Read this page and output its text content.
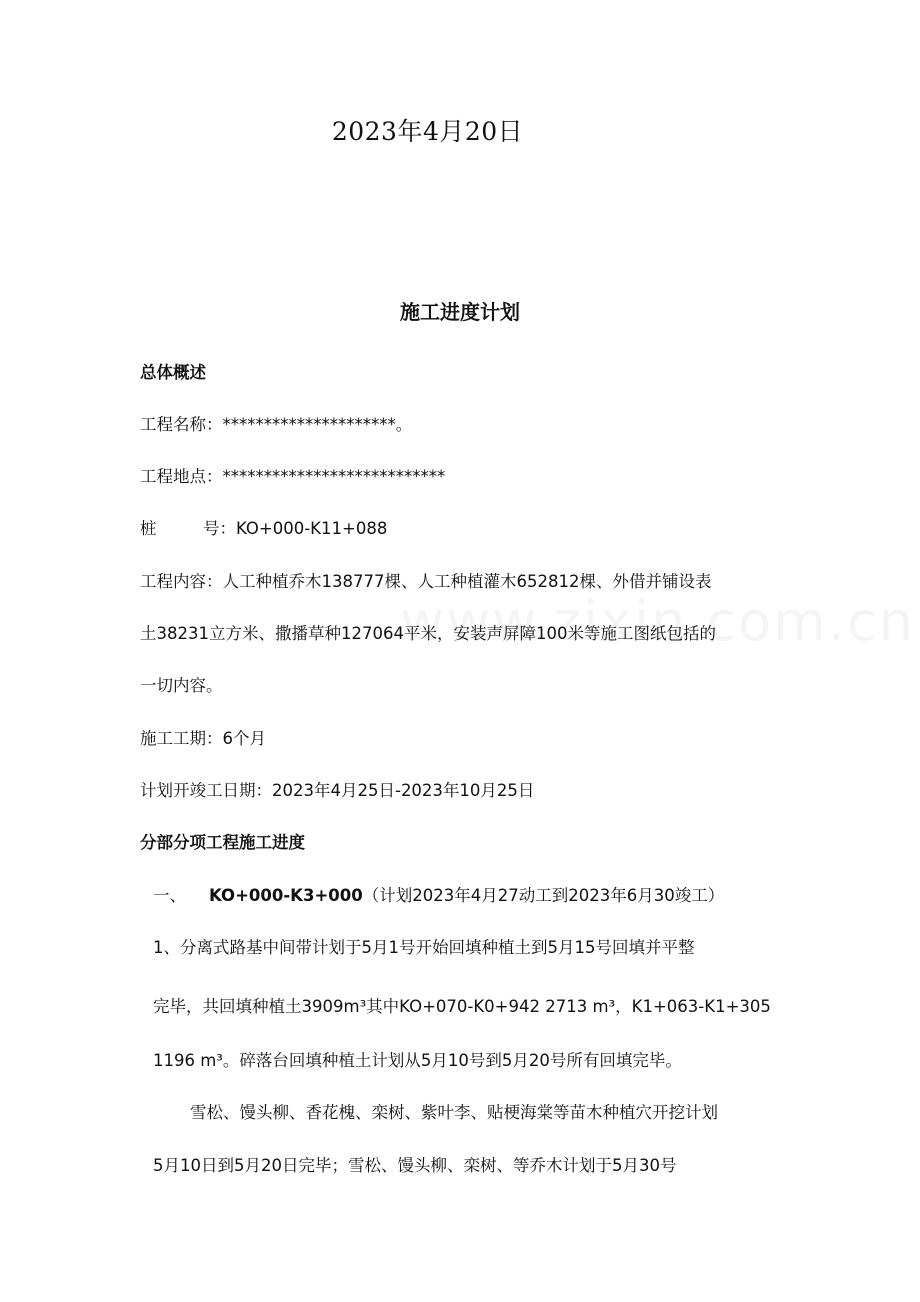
2023年4月20日
施工进度计划
总体概述
工程名称：*********************。
工程地点：***************************
桩	号：KO+000-K11+088
工程内容：人工种植乔木138777棵、人工种植灌木652812棵、外借并铺设表
土38231立方米、撒播草种127064平米，安装声屏障100米等施工图纸包括的
一切内容。
施工工期：6个月
计划开竣工日期：2023年4月25日-2023年10月25日
分部分项工程施工进度
一、 KO+000-K3+000（计划2023年4月27动工到2023年6月30竣工）
1、分离式路基中间带计划于5月1号开始回填种植土到5月15号回填并平整
完毕，共回填种植土3909m³其中KO+070-K0+942 2713 m³，K1+063-K1+305
1196 m³。碎落台回填种植土计划从5月10号到5月20号所有回填完毕。
雪松、馒头柳、香花槐、栾树、紫叶李、贴梗海棠等苗木种植穴开挖计划
5月10日到5月20日完毕；雪松、馒头柳、栾树、等乔木计划于5月30号
